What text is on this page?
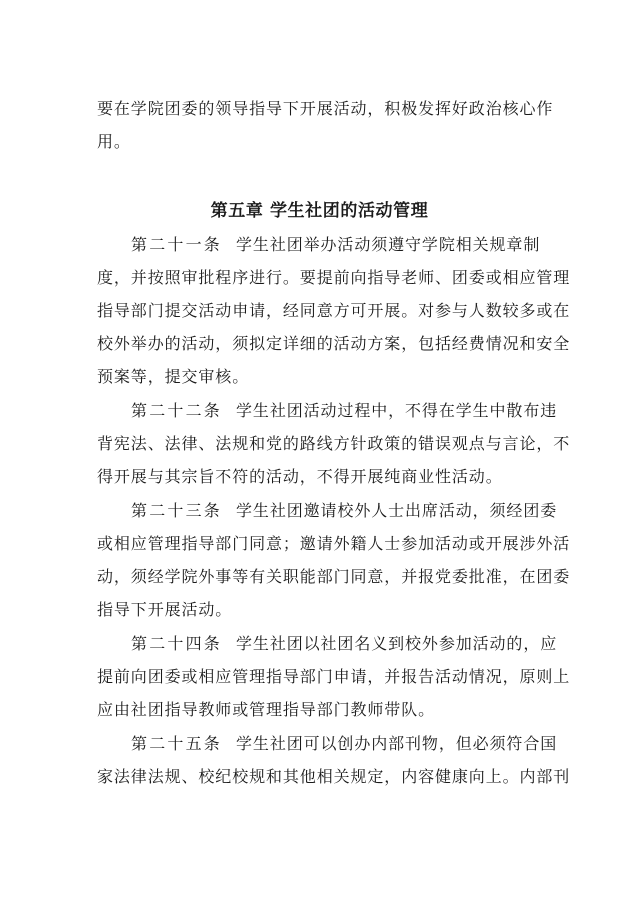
要在学院团委的领导指导下开展活动，积极发挥好政治核心作
用。
第五章 学生社团的活动管理
第二十一条 学生社团举办活动须遵守学院相关规章制
度，并按照审批程序进行。要提前向指导老师、团委或相应管理
指导部门提交活动申请，经同意方可开展。对参与人数较多或在
校外举办的活动，须拟定详细的活动方案，包括经费情况和安全
预案等，提交审核。
第二十二条 学生社团活动过程中，不得在学生中散布违
背宪法、法律、法规和党的路线方针政策的错误观点与言论，不
得开展与其宗旨不符的活动，不得开展纯商业性活动。
第二十三条 学生社团邀请校外人士出席活动，须经团委
或相应管理指导部门同意；邀请外籍人士参加活动或开展涉外活
动，须经学院外事等有关职能部门同意，并报党委批准，在团委
指导下开展活动。
第二十四条 学生社团以社团名义到校外参加活动的，应
提前向团委或相应管理指导部门申请，并报告活动情况，原则上
应由社团指导教师或管理指导部门教师带队。
第二十五条 学生社团可以创办内部刊物，但必须符合国
家法律法规、校纪校规和其他相关规定，内容健康向上。内部刊
